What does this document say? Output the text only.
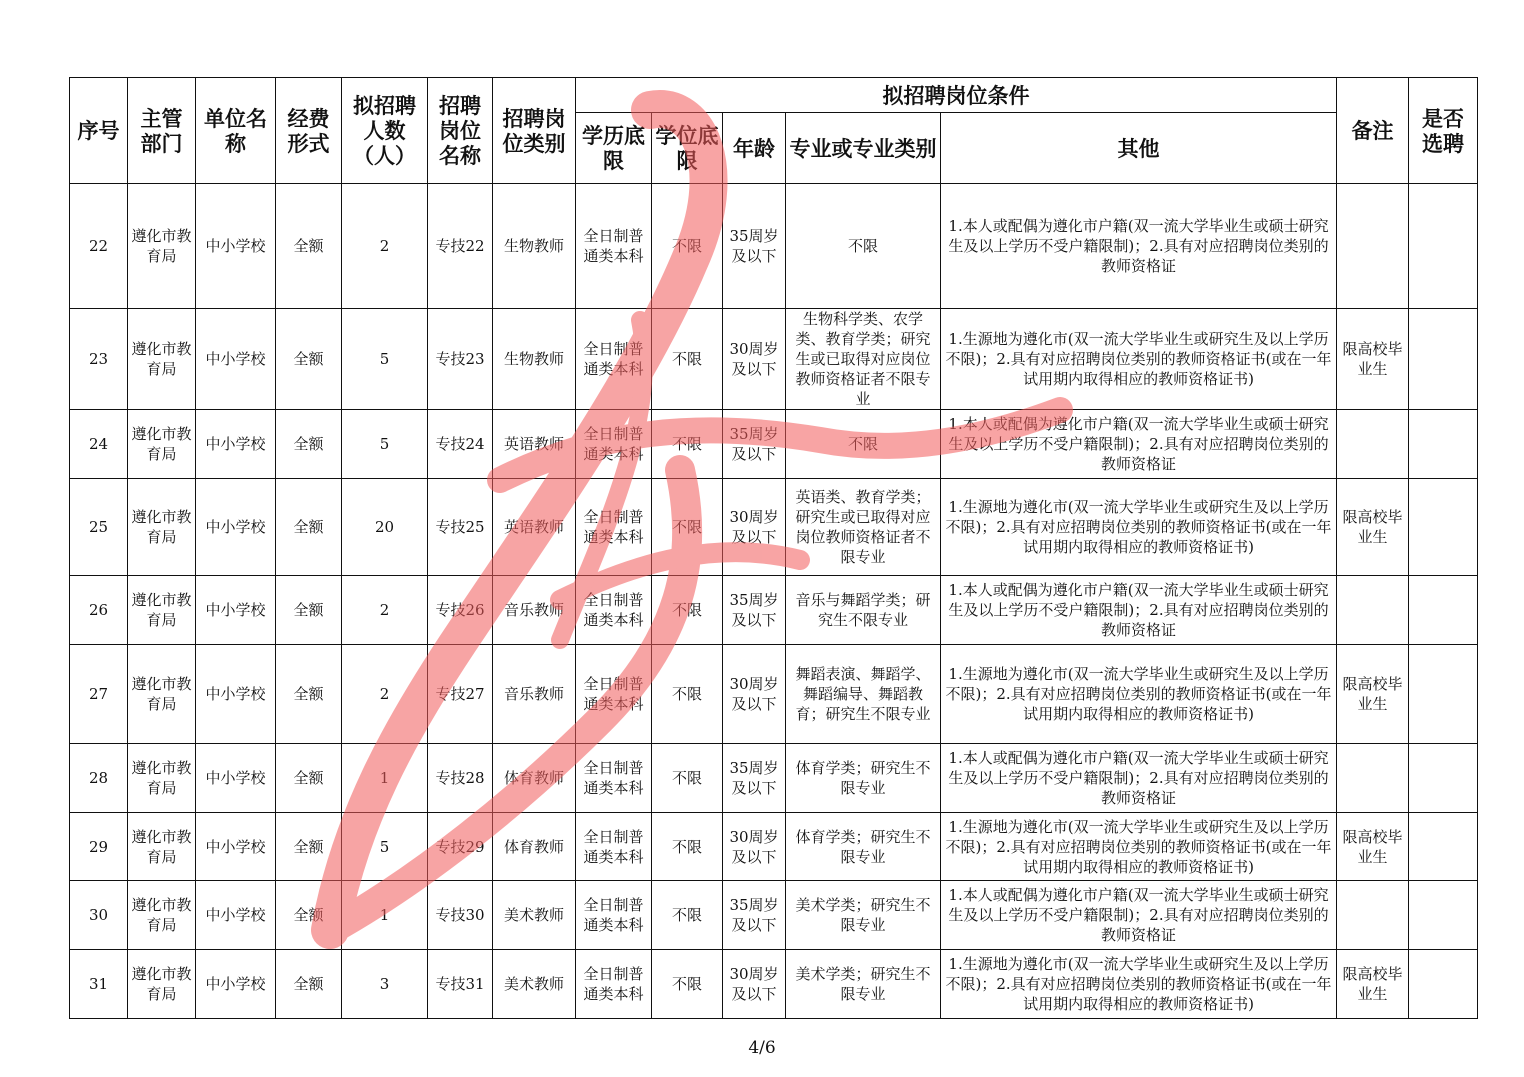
序号	主管部门	单位名称	经费形式	拟招聘人数（人）	招聘岗位名称	招聘岗位类别	拟招聘岗位条件					备注	是否选聘
							学历底限	学位底限	年龄	专业或专业类别	其他		
22	遵化市教育局	中小学校	全额	2	专技22	生物教师	全日制普通类本科	不限	35周岁及以下	不限	1.本人或配偶为遵化市户籍(双一流大学毕业生或硕士研究生及以上学历不受户籍限制)；2.具有对应招聘岗位类别的教师资格证		
23	遵化市教育局	中小学校	全额	5	专技23	生物教师	全日制普通类本科	不限	30周岁及以下	生物科学类、农学类、教育学类；研究生或已取得对应岗位教师资格证者不限专业	1.生源地为遵化市(双一流大学毕业生或研究生及以上学历不限)；2.具有对应招聘岗位类别的教师资格证书(或在一年试用期内取得相应的教师资格证书)	限高校毕业生	
24	遵化市教育局	中小学校	全额	5	专技24	英语教师	全日制普通类本科	不限	35周岁及以下	不限	1.本人或配偶为遵化市户籍(双一流大学毕业生或硕士研究生及以上学历不受户籍限制)；2.具有对应招聘岗位类别的教师资格证		
25	遵化市教育局	中小学校	全额	20	专技25	英语教师	全日制普通类本科	不限	30周岁及以下	英语类、教育学类；研究生或已取得对应岗位教师资格证者不限专业	1.生源地为遵化市(双一流大学毕业生或研究生及以上学历不限)；2.具有对应招聘岗位类别的教师资格证书(或在一年试用期内取得相应的教师资格证书)	限高校毕业生	
26	遵化市教育局	中小学校	全额	2	专技26	音乐教师	全日制普通类本科	不限	35周岁及以下	音乐与舞蹈学类；研究生不限专业	1.本人或配偶为遵化市户籍(双一流大学毕业生或硕士研究生及以上学历不受户籍限制)；2.具有对应招聘岗位类别的教师资格证		
27	遵化市教育局	中小学校	全额	2	专技27	音乐教师	全日制普通类本科	不限	30周岁及以下	舞蹈表演、舞蹈学、舞蹈编导、舞蹈教育；研究生不限专业	1.生源地为遵化市(双一流大学毕业生或研究生及以上学历不限)；2.具有对应招聘岗位类别的教师资格证书(或在一年试用期内取得相应的教师资格证书)	限高校毕业生	
28	遵化市教育局	中小学校	全额	1	专技28	体育教师	全日制普通类本科	不限	35周岁及以下	体育学类；研究生不限专业	1.本人或配偶为遵化市户籍(双一流大学毕业生或硕士研究生及以上学历不受户籍限制)；2.具有对应招聘岗位类别的教师资格证		
29	遵化市教育局	中小学校	全额	5	专技29	体育教师	全日制普通类本科	不限	30周岁及以下	体育学类；研究生不限专业	1.生源地为遵化市(双一流大学毕业生或研究生及以上学历不限)；2.具有对应招聘岗位类别的教师资格证书(或在一年试用期内取得相应的教师资格证书)	限高校毕业生	
30	遵化市教育局	中小学校	全额	1	专技30	美术教师	全日制普通类本科	不限	35周岁及以下	美术学类；研究生不限专业	1.本人或配偶为遵化市户籍(双一流大学毕业生或硕士研究生及以上学历不受户籍限制)；2.具有对应招聘岗位类别的教师资格证		
31	遵化市教育局	中小学校	全额	3	专技31	美术教师	全日制普通类本科	不限	30周岁及以下	美术学类；研究生不限专业	1.生源地为遵化市(双一流大学毕业生或研究生及以上学历不限)；2.具有对应招聘岗位类别的教师资格证书(或在一年试用期内取得相应的教师资格证书)	限高校毕业生	
4/6
